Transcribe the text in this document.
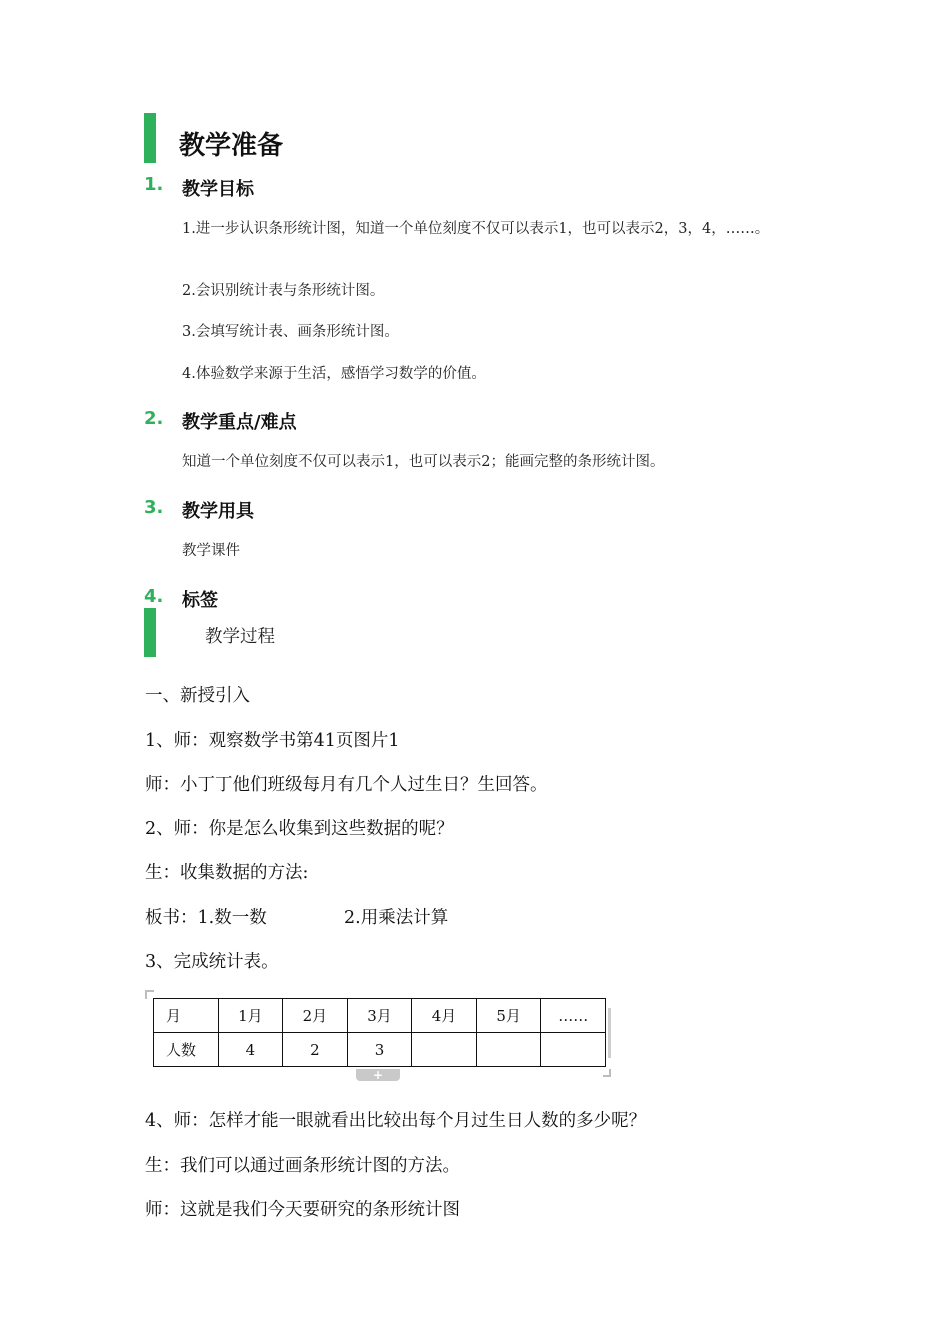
教学准备
1. 教学目标
1.进一步认识条形统计图，知道一个单位刻度不仅可以表示1，也可以表示2，3，4，……。
2.会识别统计表与条形统计图。
3.会填写统计表、画条形统计图。
4.体验数学来源于生活，感悟学习数学的价值。
2. 教学重点/难点
知道一个单位刻度不仅可以表示1，也可以表示2；能画完整的条形统计图。
3. 教学用具
教学课件
4. 标签
教学过程
一、新授引入
1、师：观察数学书第41页图片1
师：小丁丁他们班级每月有几个人过生日？生回答。
2、师：你是怎么收集到这些数据的呢？
生：收集数据的方法:
板书：1.数一数	2.用乘法计算
3、完成统计表。
月	1月	2月	3月	4月	5月	……
人数	4	2	3			
+
4、师：怎样才能一眼就看出比较出每个月过生日人数的多少呢？
生：我们可以通过画条形统计图的方法。
师：这就是我们今天要研究的条形统计图
